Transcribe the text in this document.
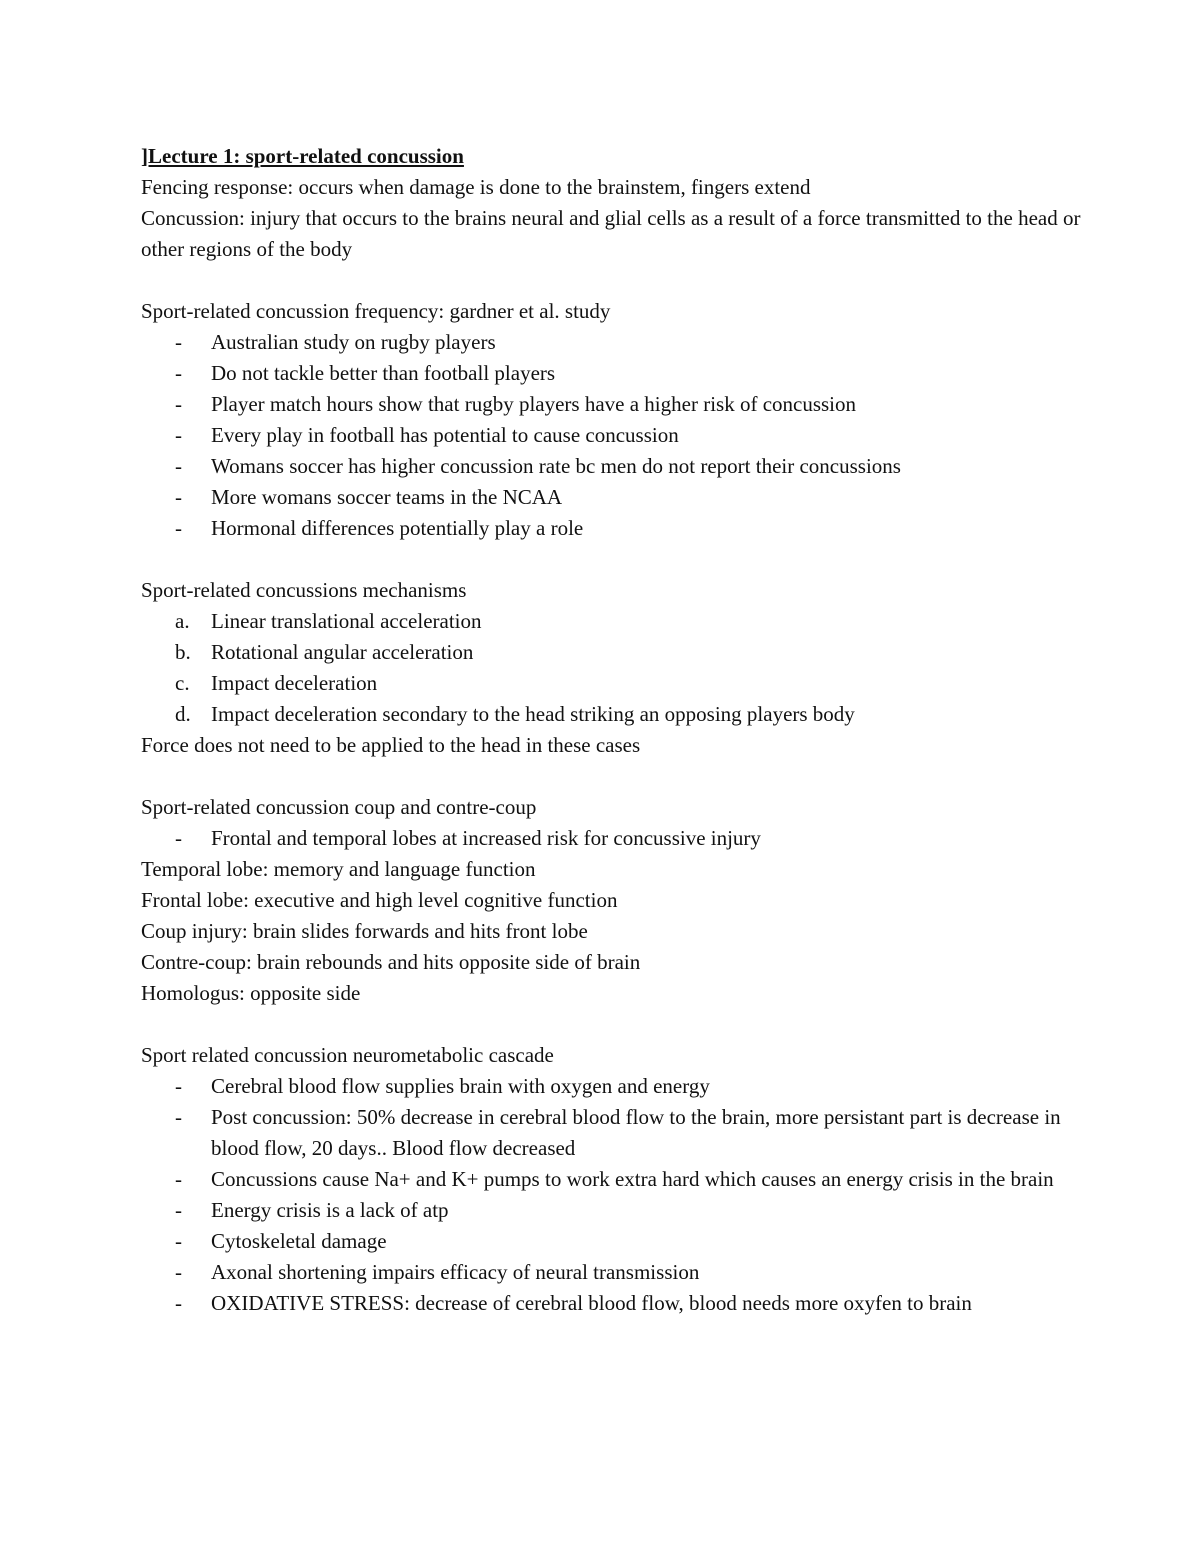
]Lecture 1: sport-related concussion
Fencing response: occurs when damage is done to the brainstem, fingers extend
Concussion: injury that occurs to the brains neural and glial cells as a result of a force transmitted to the head or other regions of the body
Sport-related concussion frequency: gardner et al. study
-	Australian study on rugby players
-	Do not tackle better than football players
-	Player match hours show that rugby players have a higher risk of concussion
-	Every play in football has potential to cause concussion
-	Womans soccer has higher concussion rate bc men do not report their concussions
-	More womans soccer teams in the NCAA
-	Hormonal differences potentially play a role
Sport-related concussions mechanisms
a.	Linear translational acceleration
b. Rotational angular acceleration
c.	Impact deceleration
d. Impact deceleration secondary to the head striking an opposing players body
Force does not need to be applied to the head in these cases
Sport-related concussion coup and contre-coup
-	Frontal and temporal lobes at increased risk for concussive injury
Temporal lobe: memory and language function
Frontal lobe: executive and high level cognitive function
Coup injury: brain slides forwards and hits front lobe
Contre-coup: brain rebounds and hits opposite side of brain
Homologus: opposite side
Sport related concussion neurometabolic cascade
-	Cerebral blood flow supplies brain with oxygen and energy
-	Post concussion: 50% decrease in cerebral blood flow to the brain, more persistant part is decrease in blood flow, 20 days.. Blood flow decreased
-	Concussions cause Na+ and K+ pumps to work extra hard which causes an energy crisis in the brain
-	Energy crisis is a lack of atp
-	Cytoskeletal damage
-	Axonal shortening impairs efficacy of neural transmission
-	OXIDATIVE STRESS: decrease of cerebral blood flow, blood needs more oxyfen to brain
